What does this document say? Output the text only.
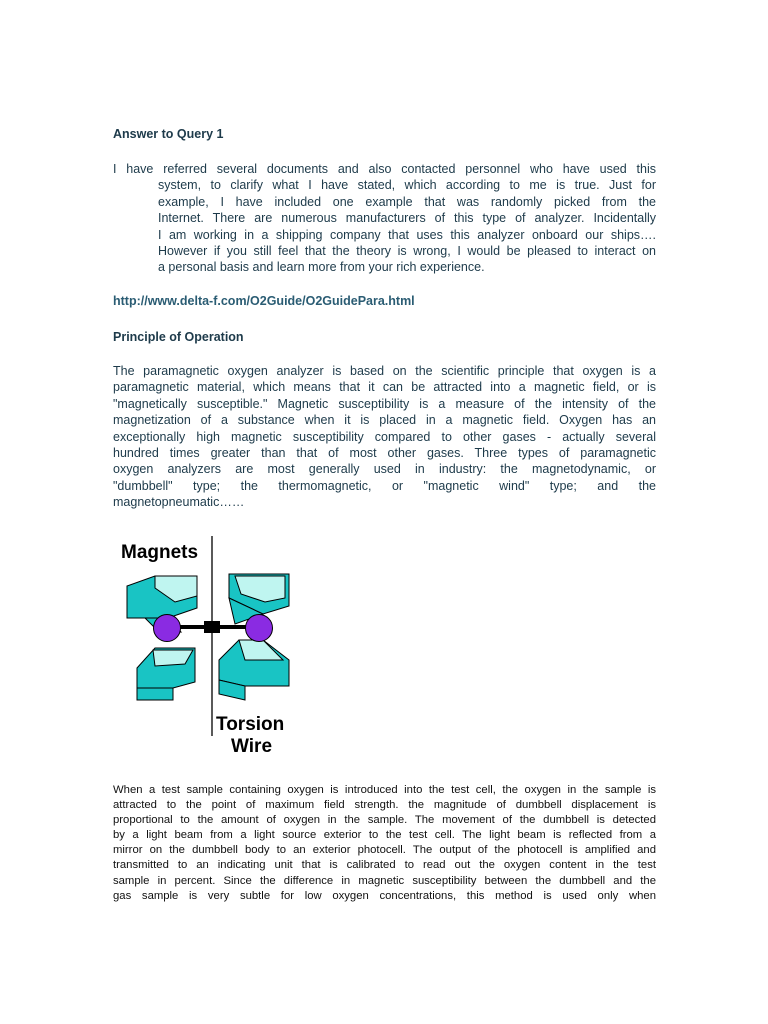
Answer to Query 1
I have referred several documents and also contacted personnel who have used this
system, to clarify what I have stated, which according to me is true. Just for
example, I have included one example that was randomly picked from the
Internet. There are numerous manufacturers of this type of analyzer. Incidentally
I am working in a shipping company that uses this analyzer onboard our ships….
However if you still feel that the theory is wrong, I would be pleased to interact on
a personal basis and learn more from your rich experience.
http://www.delta-f.com/O2Guide/O2GuidePara.html
Principle of Operation
The paramagnetic oxygen analyzer is based on the scientific principle that oxygen is a
paramagnetic material, which means that it can be attracted into a magnetic field, or is
"magnetically susceptible." Magnetic susceptibility is a measure of the intensity of the
magnetization of a substance when it is placed in a magnetic field. Oxygen has an
exceptionally high magnetic susceptibility compared to other gases - actually several
hundred times greater than that of most other gases. Three types of paramagnetic
oxygen analyzers are most generally used in industry: the magnetodynamic, or
"dumbbell" type; the thermomagnetic, or "magnetic wind" type; and the
magnetopneumatic……
Magnets
Torsion
Wire
When a test sample containing oxygen is introduced into the test cell, the oxygen in the sample is
attracted to the point of maximum field strength. the magnitude of dumbbell displacement is
proportional to the amount of oxygen in the sample. The movement of the dumbbell is detected
by a light beam from a light source exterior to the test cell. The light beam is reflected from a
mirror on the dumbbell body to an exterior photocell. The output of the photocell is amplified and
transmitted to an indicating unit that is calibrated to read out the oxygen content in the test
sample in percent. Since the difference in magnetic susceptibility between the dumbbell and the
gas sample is very subtle for low oxygen concentrations, this method is used only when
